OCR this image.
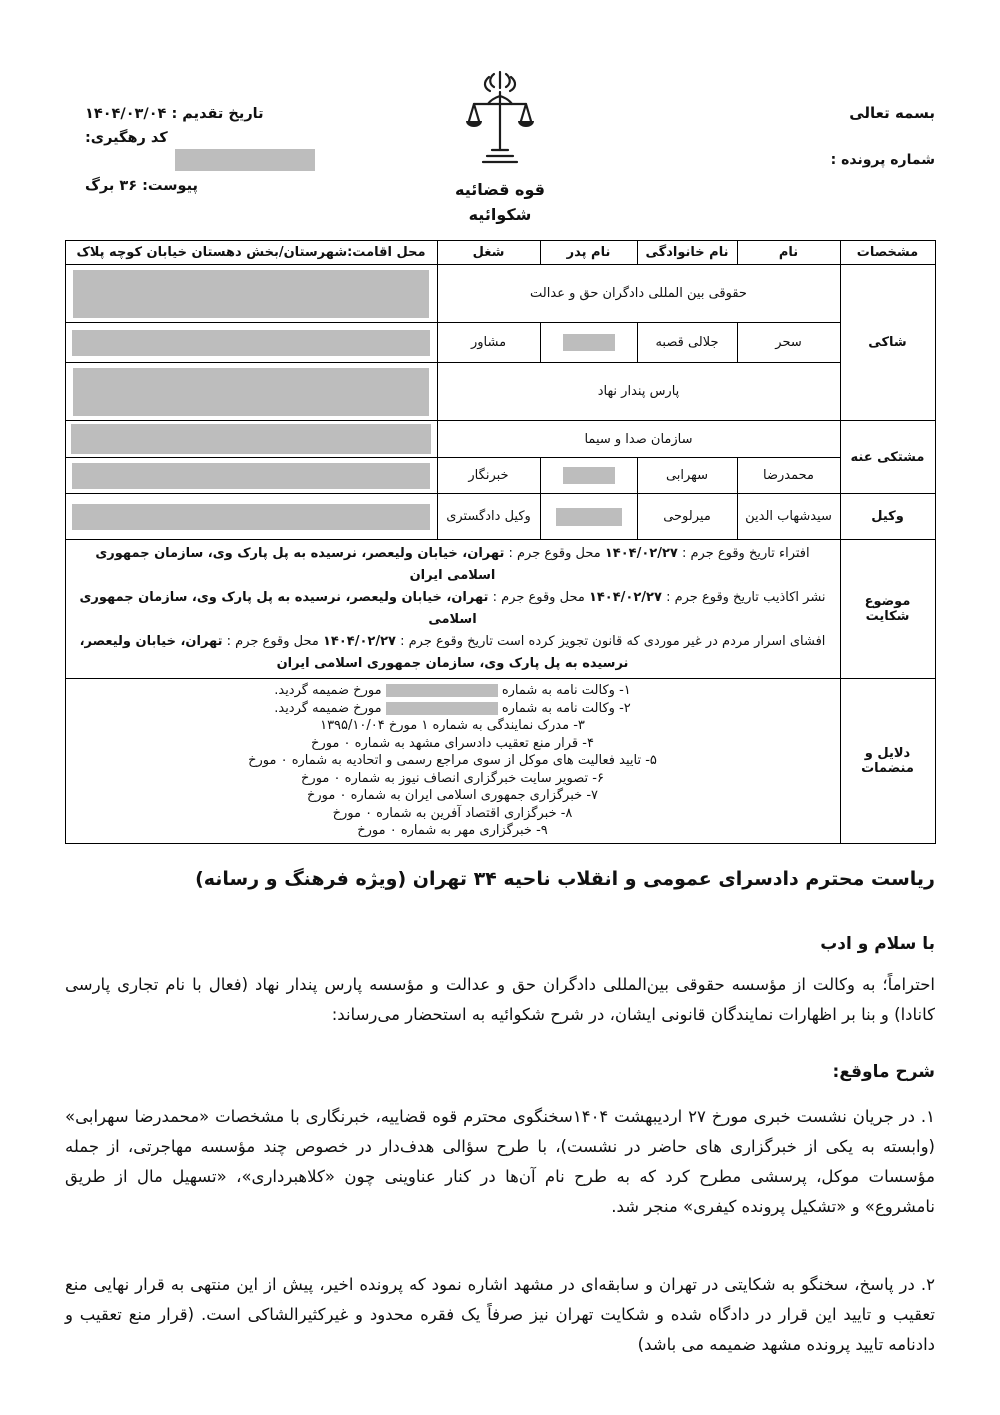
بسمه تعالی
شماره پرونده :
قوه قضائیه
شکوائیه
تاریخ تقدیم : ۱۴۰۴/۰۳/۰۴
کد رهگیری:
پیوست: ۳۶ برگ
مشخصات	نام	نام خانوادگی	نام پدر	شغل	محل اقامت:شهرستان/بخش دهستان خیابان کوچه پلاک
شاکی	حقوقی بین المللی دادگران حق و عدالت				

	سحر	جلالی قصبه		مشاور	

	پارس پندار نهاد				

مشتکی عنه	سازمان صدا و سیما				

	محمدرضا	سهرابی		خبرنگار	

وکیل	سیدشهاب الدین	میرلوحی		وکیل دادگستری	

موضوع شکایت	افتراء تاریخ وقوع جرم : ۱۴۰۴/۰۲/۲۷ محل وقوع جرم : تهران، خیابان ولیعصر، نرسیده به پل پارک وی، سازمان جمهوری اسلامی ایران
نشر اکاذیب تاریخ وقوع جرم : ۱۴۰۴/۰۲/۲۷ محل وقوع جرم : تهران، خیابان ولیعصر، نرسیده به پل پارک وی، سازمان جمهوری اسلامی
افشای اسرار مردم در غیر موردی که قانون تجویز کرده است تاریخ وقوع جرم : ۱۴۰۴/۰۲/۲۷ محل وقوع جرم : تهران، خیابان ولیعصر، نرسیده به پل پارک وی، سازمان جمهوری اسلامی ایران				

دلایل و منضمات	
۱- وکالت نامه به شماره  مورخ ضمیمه گردید.
۲- وکالت نامه به شماره  مورخ ضمیمه گردید.
۳- مدرک نمایندگی به شماره ۱ مورخ ۱۳۹۵/۱۰/۰۴
۴- قرار منع تعقیب دادسرای مشهد به شماره ۰ مورخ
۵- تایید فعالیت های موکل از سوی مراجع رسمی و اتحادیه به شماره ۰ مورخ
۶- تصویر سایت خبرگزاری انصاف نیوز به شماره ۰ مورخ
۷- خبرگزاری جمهوری اسلامی ایران به شماره ۰ مورخ
۸- خبرگزاری اقتصاد آفرین به شماره ۰ مورخ
۹- خبرگزاری مهر به شماره ۰ مورخ
ریاست محترم دادسرای عمومی و انقلاب ناحیه ۳۴ تهران (ویژه فرهنگ و رسانه)
با سلام و ادب

احتراماً؛ به وکالت از مؤسسه حقوقی بین‌المللی دادگران حق و عدالت و مؤسسه پارس پندار نهاد (فعال با نام تجاری پارسی کانادا) و بنا بر اظهارات نمایندگان قانونی ایشان، در شرح شکوائیه به استحضار می‌رساند:

شرح ماوقع:

۱. در جریان نشست خبری مورخ ۲۷ اردیبهشت ۱۴۰۴سخنگوی محترم قوه قضاییه، خبرنگاری با مشخصات «محمدرضا سهرابی» (وابسته به یکی از خبرگزاری های حاضر در نشست)، با طرح سؤالی هدف‌دار در خصوص چند مؤسسه مهاجرتی، از جمله مؤسسات موکل، پرسشی مطرح کرد که به طرح نام آن‌ها در کنار عناوینی چون «کلاهبرداری»، «تسهیل مال از طریق نامشروع» و «تشکیل پرونده کیفری» منجر شد.

۲. در پاسخ، سخنگو به شکایتی در تهران و سابقه‌ای در مشهد اشاره نمود که پرونده اخیر، پیش از این منتهی به قرار نهایی منع تعقیب و تایید این قرار در دادگاه شده و شکایت تهران نیز صرفاً یک فقره محدود و غیرکثیرالشاکی است. (قرار منع تعقیب و دادنامه تایید پرونده مشهد ضمیمه می باشد)
